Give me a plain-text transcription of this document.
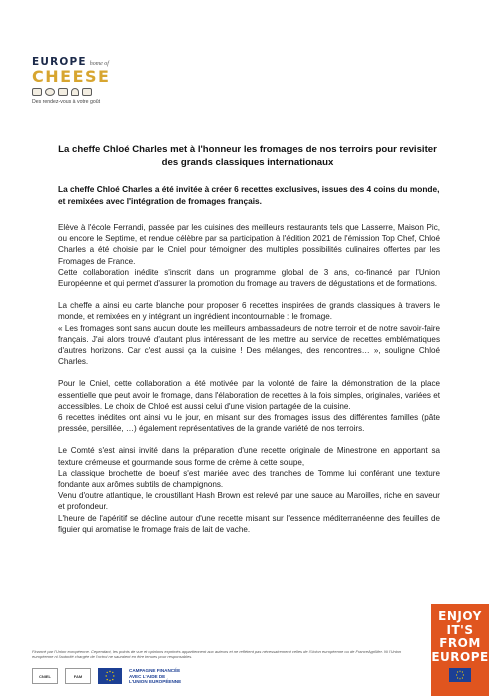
EUROPE home of
CHEESE
Des rendez-vous à votre goût
La cheffe Chloé Charles met à l'honneur les fromages de nos terroirs pour revisiter des grands classiques internationaux

La cheffe Chloé Charles a été invitée à créer 6 recettes exclusives, issues des 4 coins du monde, et remixées avec l'intégration de fromages français.

Elève à l'école Ferrandi, passée par les cuisines des meilleurs restaurants tels que Lasserre, Maison Pic, ou encore le Septime, et rendue célèbre par sa participation à l'édition 2021 de l'émission Top Chef, Chloé Charles a été choisie par le Cniel pour témoigner des multiples possibilités culinaires offertes par les Fromages de France.

Cette collaboration inédite s'inscrit dans un programme global de 3 ans, co-financé par l'Union Européenne et qui permet d'assurer la promotion du fromage au travers de dégustations et de formations.

La cheffe a ainsi eu carte blanche pour proposer 6 recettes inspirées de grands classiques à travers le monde, et remixées en y intégrant un ingrédient incontournable : le fromage.

« Les fromages sont sans aucun doute les meilleurs ambassadeurs de notre terroir et de notre savoir-faire français. J'ai alors trouvé d'autant plus intéressant de les mettre au service de recettes emblématiques d'autres horizons. Car c'est aussi ça la cuisine ! Des mélanges, des rencontres… », souligne Chloé Charles.

Pour le Cniel, cette collaboration a été motivée par la volonté de faire la démonstration de la place essentielle que peut avoir le fromage, dans l'élaboration de recettes à la fois simples, originales, variées et accessibles. Le choix de Chloé est aussi celui d'une vision partagée de la cuisine.

6 recettes inédites ont ainsi vu le jour, en misant sur des fromages issus des différentes familles (pâte pressée, persillée, …) également représentatives de la grande variété de nos terroirs.

Le Comté s'est ainsi invité dans la préparation d'une recette originale de Minestrone en apportant sa texture crémeuse et gourmande sous forme de crème à cette soupe,

La classique brochette de boeuf s'est mariée avec des tranches de Tomme lui conférant une texture fondante aux arômes subtils de champignons.

Venu d'outre atlantique, le croustillant Hash Brown est relevé par une sauce au Maroilles, riche en saveur et profondeur.

L'heure de l'apéritif se décline autour d'une recette misant sur l'essence méditerranéenne des feuilles de figuier qui aromatise le fromage frais de lait de vache.

ENJOY
IT'S FROM
EUROPE

Financé par l'Union européenne. Cependant, les points de vue et opinions exprimés appartiennent aux auteurs et ne reflètent pas nécessairement celles de l'Union européenne ou de FranceAgriMer. Ni l'Union européenne ni l'autorité chargée de l'octroi ne sauraient en être tenues pour responsables.

CNIEL	FAM
CAMPAGNE FINANCÉE
AVEC L'AIDE DE
L'UNION EUROPÉENNE
